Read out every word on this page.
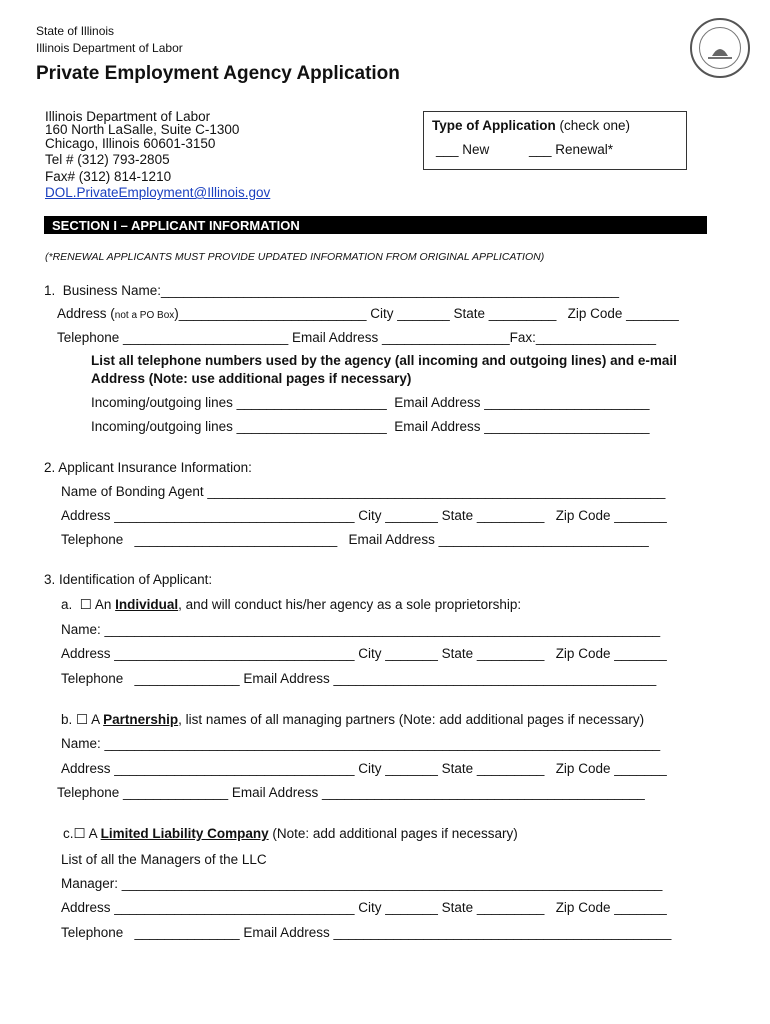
State of Illinois
Illinois Department of Labor
Private Employment Agency Application
Illinois Department of Labor
160 North LaSalle, Suite C-1300
Chicago, Illinois 60601-3150
Tel # (312) 793-2805
Fax# (312) 814-1210
DOL.PrivateEmployment@Illinois.gov
Type of Application (check one)
___ New	___ Renewal*
SECTION I – APPLICANT INFORMATION
(*RENEWAL APPLICANTS MUST PROVIDE UPDATED INFORMATION FROM ORIGINAL APPLICATION)
1.  Business Name:_____________________________________________________________
Address (not a PO Box)_________________________ City _______ State _________   Zip Code _______
Telephone ______________________ Email Address _________________Fax:________________
List all telephone numbers used by the agency (all incoming and outgoing lines) and e-mail
Address (Note: use additional pages if necessary)
Incoming/outgoing lines ____________________  Email Address ______________________
Incoming/outgoing lines ____________________  Email Address ______________________
2. Applicant Insurance Information:
Name of Bonding Agent _____________________________________________________________
Address ________________________________ City _______ State _________   Zip Code _______
Telephone   ___________________________   Email Address ____________________________
3. Identification of Applicant:
a.  ☐ An Individual, and will conduct his/her agency as a sole proprietorship:
Name: __________________________________________________________________________
Address ________________________________ City _______ State _________   Zip Code _______
Telephone   ______________ Email Address ___________________________________________
b. ☐ A Partnership, list names of all managing partners (Note: add additional pages if necessary)
Name: __________________________________________________________________________
Address ________________________________ City _______ State _________   Zip Code _______
Telephone ______________ Email Address ___________________________________________
c.☐ A Limited Liability Company (Note: add additional pages if necessary)
List of all the Managers of the LLC
Manager: ________________________________________________________________________
Address ________________________________ City _______ State _________   Zip Code _______
Telephone   ______________ Email Address _____________________________________________
